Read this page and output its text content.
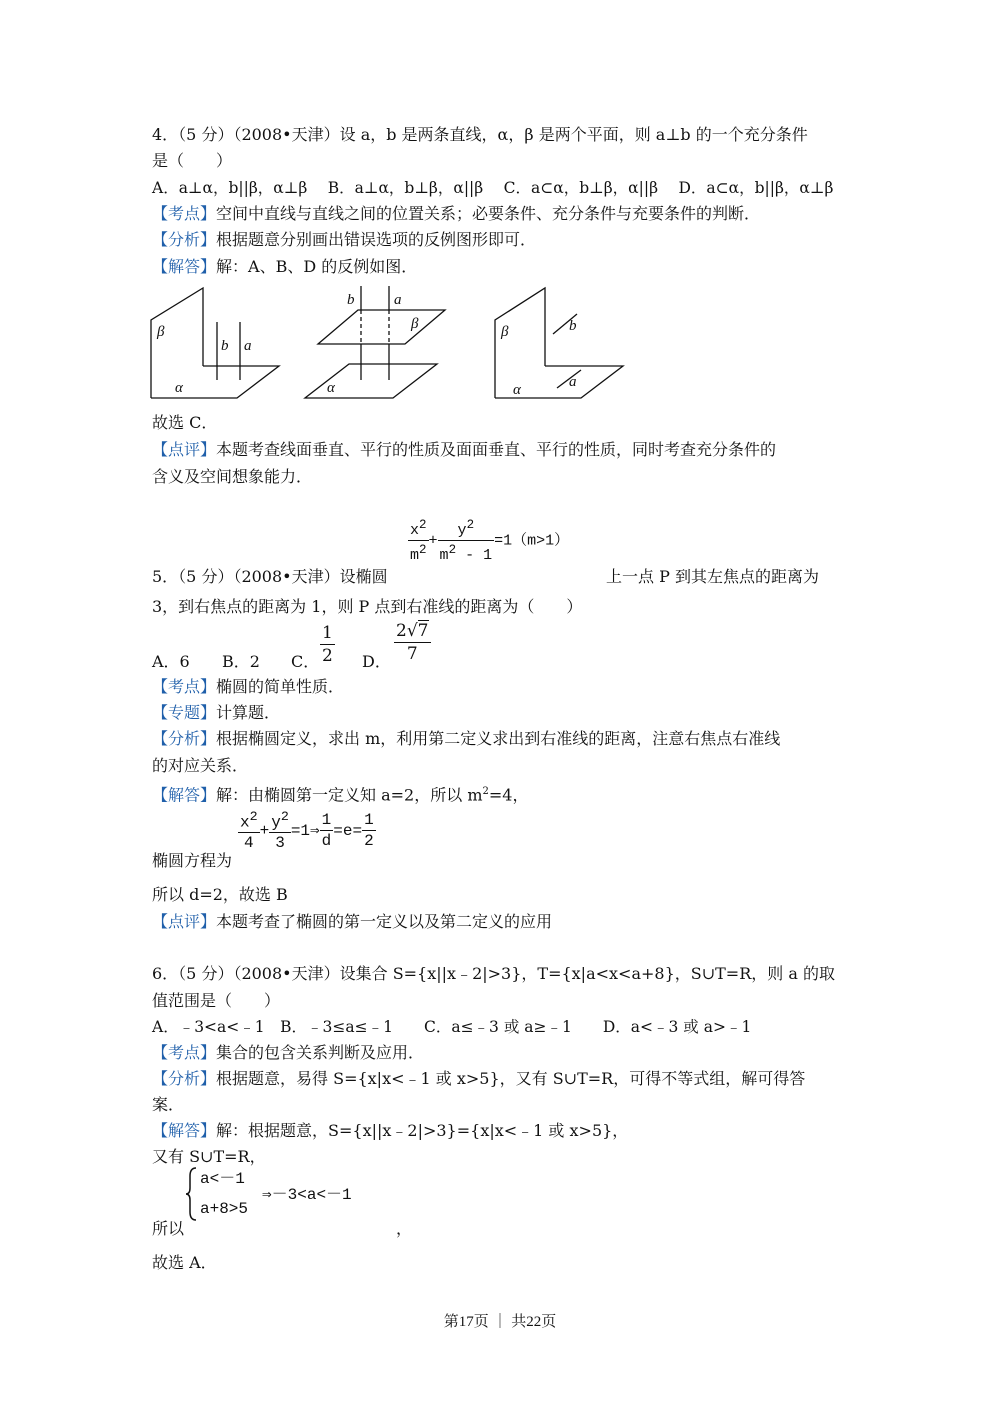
4．（5 分）（2008•天津）设 a，b 是两条直线，α，β 是两个平面，则 a⊥b 的一个充分条件
是（　　）
A．a⊥α，b||β，α⊥β　 B．a⊥α，b⊥β，α||β　 C．a⊂α，b⊥β，α||β　 D．a⊂α，b||β，α⊥β
【考点】空间中直线与直线之间的位置关系；必要条件、充分条件与充要条件的判断．
【分析】根据题意分别画出错误选项的反例图形即可．
【解答】解：A、B、D 的反例如图．
β
α
b a
b	a
β
α
β
α
b
a
故选 C．
【点评】本题考查线面垂直、平行的性质及面面垂直、平行的性质，同时考查充分条件的
含义及空间想象能力．
$\frac{x^2}{m^2} + \frac{y^2}{m^2 - 1} =1(m>1)$
5．（5 分）（2008•天津）设椭圆	上一点 P 到其左焦点的距离为
3，到右焦点的距离为 1，则 P 点到右准线的距离为（　　）
A．6 B．2 C． $\frac{1}{2}$ D． $\frac{2√7}{7}$
【考点】椭圆的简单性质．
【专题】计算题．
【分析】根据椭圆定义，求出 m，利用第二定义求出到右准线的距离，注意右焦点右准线
的对应关系．
【解答】解：由椭圆第一定义知 a=2，所以 $m^2=4$，
$\frac{x^2}{4} + \frac{y^2}{3}$ =1⇒ $\frac{1}{d} =e= \frac{1}{2}$
椭圆方程为
所以 d=2，故选 B
【点评】本题考查了椭圆的第一定义以及第二定义的应用
6．（5 分）（2008•天津）设集合 S={x||x﹣2|>3}，T={x|a<x<a+8}，S∪T=R，则 a 的取
值范围是（　　）
A．﹣3<a<﹣1　B．﹣3≤a≤﹣1　　C．a≤﹣3 或 a≥﹣1　　D．a<﹣3 或 a>﹣1
【考点】集合的包含关系判断及应用．
【分析】根据题意，易得 S={x|x<﹣1 或 x>5}，又有 S∪T=R，可得不等式组，解可得答
案．
【解答】解：根据题意，S={x||x﹣2|>3}={x|x<﹣1 或 x>5}，
又有 S∪T=R，
a<－1
a+8>5
⇒－3<a<－1
所以	，
故选 A．
第17页 ｜ 共22页
